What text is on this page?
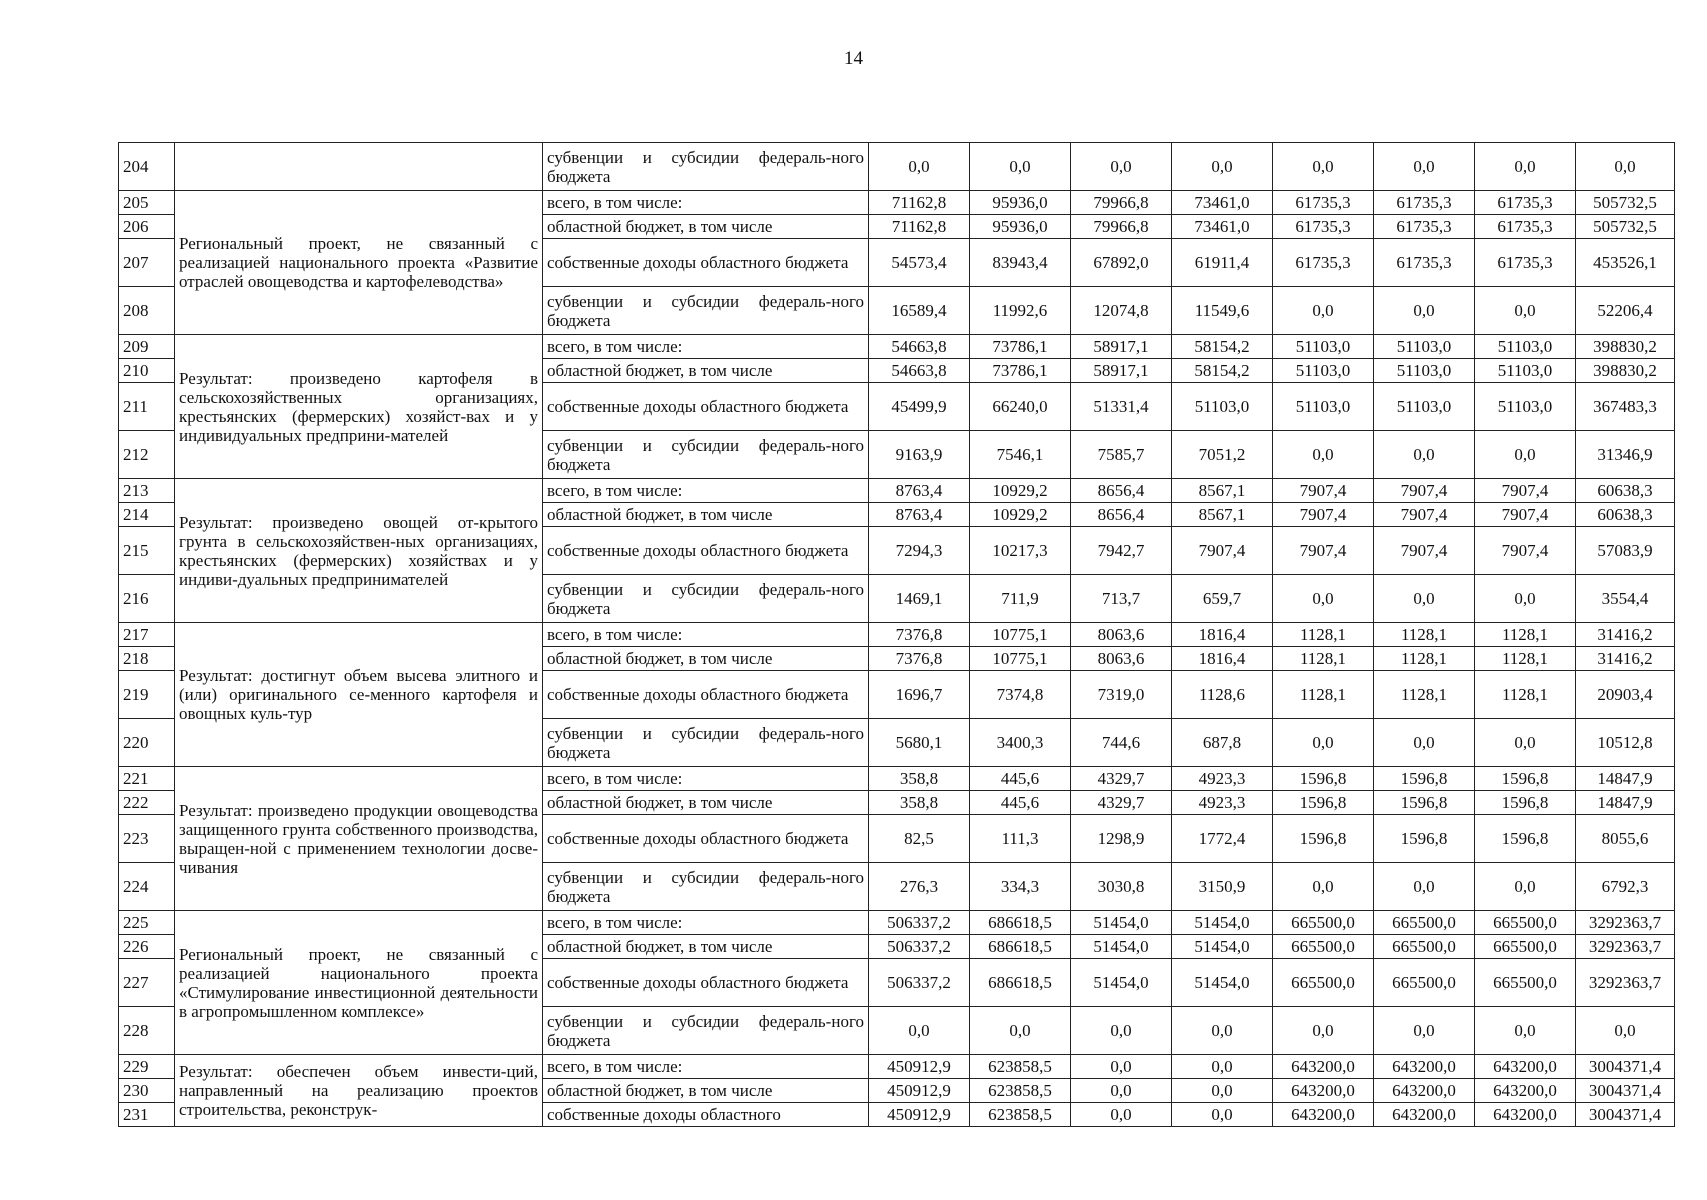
14
204		субвенции и субсидии федераль-ного бюджета	0,0	0,0	0,0	0,0	0,0	0,0	0,0	0,0
205	Региональный проект, не связанный с реализацией национального проекта «Развитие отраслей овощеводства и картофелеводства»	всего, в том числе:	71162,8	95936,0	79966,8	73461,0	61735,3	61735,3	61735,3	505732,5
206		областной бюджет, в том числе	71162,8	95936,0	79966,8	73461,0	61735,3	61735,3	61735,3	505732,5
207		собственные доходы областного бюджета	54573,4	83943,4	67892,0	61911,4	61735,3	61735,3	61735,3	453526,1
208		субвенции и субсидии федераль-ного бюджета	16589,4	11992,6	12074,8	11549,6	0,0	0,0	0,0	52206,4
209	Результат: произведено картофеля в сельскохозяйственных организациях, крестьянских (фермерских) хозяйст-вах и у индивидуальных предприни-мателей	всего, в том числе:	54663,8	73786,1	58917,1	58154,2	51103,0	51103,0	51103,0	398830,2
210		областной бюджет, в том числе	54663,8	73786,1	58917,1	58154,2	51103,0	51103,0	51103,0	398830,2
211		собственные доходы областного бюджета	45499,9	66240,0	51331,4	51103,0	51103,0	51103,0	51103,0	367483,3
212		субвенции и субсидии федераль-ного бюджета	9163,9	7546,1	7585,7	7051,2	0,0	0,0	0,0	31346,9
213	Результат: произведено овощей от-крытого грунта в сельскохозяйствен-ных организациях, крестьянских (фермерских) хозяйствах и у индиви-дуальных предпринимателей	всего, в том числе:	8763,4	10929,2	8656,4	8567,1	7907,4	7907,4	7907,4	60638,3
214		областной бюджет, в том числе	8763,4	10929,2	8656,4	8567,1	7907,4	7907,4	7907,4	60638,3
215		собственные доходы областного бюджета	7294,3	10217,3	7942,7	7907,4	7907,4	7907,4	7907,4	57083,9
216		субвенции и субсидии федераль-ного бюджета	1469,1	711,9	713,7	659,7	0,0	0,0	0,0	3554,4
217	Результат: достигнут объем высева элитного и (или) оригинального се-менного картофеля и овощных куль-тур	всего, в том числе:	7376,8	10775,1	8063,6	1816,4	1128,1	1128,1	1128,1	31416,2
218		областной бюджет, в том числе	7376,8	10775,1	8063,6	1816,4	1128,1	1128,1	1128,1	31416,2
219		собственные доходы областного бюджета	1696,7	7374,8	7319,0	1128,6	1128,1	1128,1	1128,1	20903,4
220		субвенции и субсидии федераль-ного бюджета	5680,1	3400,3	744,6	687,8	0,0	0,0	0,0	10512,8
221	Результат: произведено продукции овощеводства защищенного грунта собственного производства, выращен-ной с применением технологии досве-чивания	всего, в том числе:	358,8	445,6	4329,7	4923,3	1596,8	1596,8	1596,8	14847,9
222		областной бюджет, в том числе	358,8	445,6	4329,7	4923,3	1596,8	1596,8	1596,8	14847,9
223		собственные доходы областного бюджета	82,5	111,3	1298,9	1772,4	1596,8	1596,8	1596,8	8055,6
224		субвенции и субсидии федераль-ного бюджета	276,3	334,3	3030,8	3150,9	0,0	0,0	0,0	6792,3
225	Региональный проект, не связанный с реализацией национального проекта «Стимулирование инвестиционной деятельности в агропромышленном комплексе»	всего, в том числе:	506337,2	686618,5	51454,0	51454,0	665500,0	665500,0	665500,0	3292363,7
226		областной бюджет, в том числе	506337,2	686618,5	51454,0	51454,0	665500,0	665500,0	665500,0	3292363,7
227		собственные доходы областного бюджета	506337,2	686618,5	51454,0	51454,0	665500,0	665500,0	665500,0	3292363,7
228		субвенции и субсидии федераль-ного бюджета	0,0	0,0	0,0	0,0	0,0	0,0	0,0	0,0
229	Результат: обеспечен объем инвести-ций, направленный на реализацию проектов строительства, реконструк-	всего, в том числе:	450912,9	623858,5	0,0	0,0	643200,0	643200,0	643200,0	3004371,4
230		областной бюджет, в том числе	450912,9	623858,5	0,0	0,0	643200,0	643200,0	643200,0	3004371,4
231		собственные доходы областного	450912,9	623858,5	0,0	0,0	643200,0	643200,0	643200,0	3004371,4
